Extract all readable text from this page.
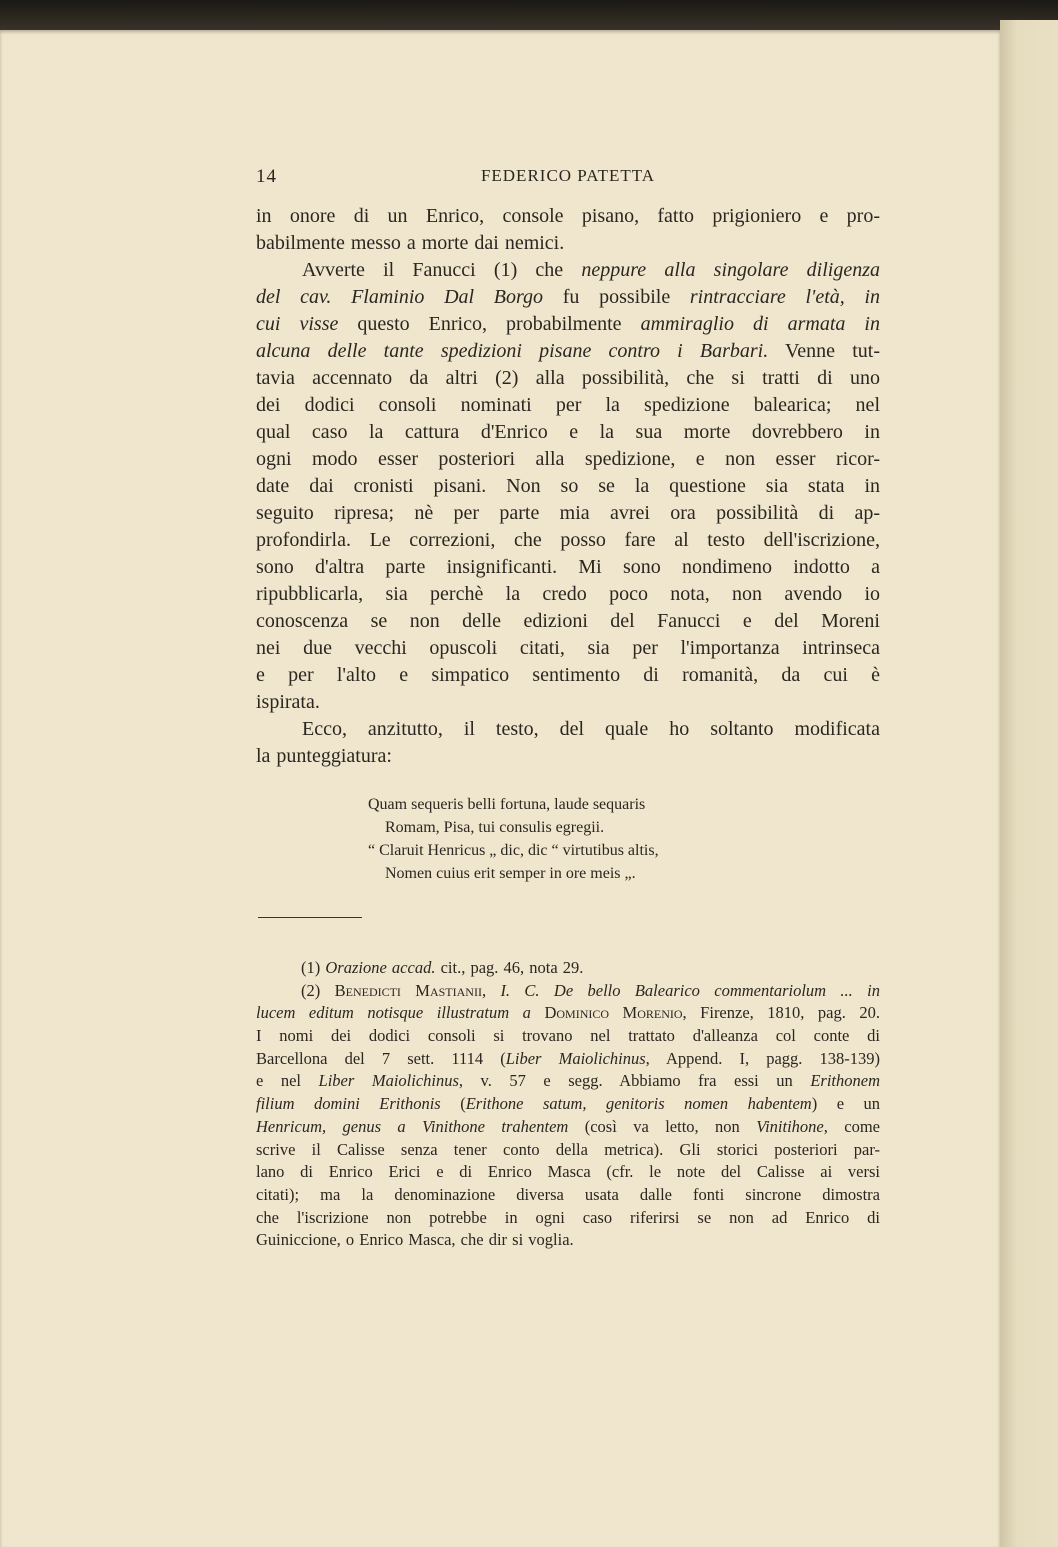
14	FEDERICO PATETTA
in onore di un Enrico, console pisano, fatto prigioniero e pro-
babilmente messo a morte dai nemici.
Avverte il Fanucci (1) che neppure alla singolare diligenza
del cav. Flaminio Dal Borgo fu possibile rintracciare l'età, in
cui visse questo Enrico, probabilmente ammiraglio di armata in
alcuna delle tante spedizioni pisane contro i Barbari. Venne tut-
tavia accennato da altri (2) alla possibilità, che si tratti di uno
dei dodici consoli nominati per la spedizione balearica; nel
qual caso la cattura d'Enrico e la sua morte dovrebbero in
ogni modo esser posteriori alla spedizione, e non esser ricor-
date dai cronisti pisani. Non so se la questione sia stata in
seguito ripresa; nè per parte mia avrei ora possibilità di ap-
profondirla. Le correzioni, che posso fare al testo dell'iscrizione,
sono d'altra parte insignificanti. Mi sono nondimeno indotto a
ripubblicarla, sia perchè la credo poco nota, non avendo io
conoscenza se non delle edizioni del Fanucci e del Moreni
nei due vecchi opuscoli citati, sia per l'importanza intrinseca
e per l'alto e simpatico sentimento di romanità, da cui è
ispirata.
Ecco, anzitutto, il testo, del quale ho soltanto modificata
la punteggiatura:
Quam sequeris belli fortuna, laude sequaris
Romam, Pisa, tui consulis egregii.
“ Claruit Henricus „ dic, dic “ virtutibus altis,
Nomen cuius erit semper in ore meis „.
(1) Orazione accad. cit., pag. 46, nota 29.
(2) Benedicti Mastianii, I. C. De bello Balearico commentariolum ... in
lucem editum notisque illustratum a Dominico Morenio, Firenze, 1810, pag. 20.
I nomi dei dodici consoli si trovano nel trattato d'alleanza col conte di
Barcellona del 7 sett. 1114 (Liber Maiolichinus, Append. I, pagg. 138-139)
e nel Liber Maiolichinus, v. 57 e segg. Abbiamo fra essi un Erithonem
filium domini Erithonis (Erithone satum, genitoris nomen habentem) e un
Henricum, genus a Vinithone trahentem (così va letto, non Vinitihone, come
scrive il Calisse senza tener conto della metrica). Gli storici posteriori par-
lano di Enrico Erici e di Enrico Masca (cfr. le note del Calisse ai versi
citati); ma la denominazione diversa usata dalle fonti sincrone dimostra
che l'iscrizione non potrebbe in ogni caso riferirsi se non ad Enrico di
Guiniccione, o Enrico Masca, che dir si voglia.
